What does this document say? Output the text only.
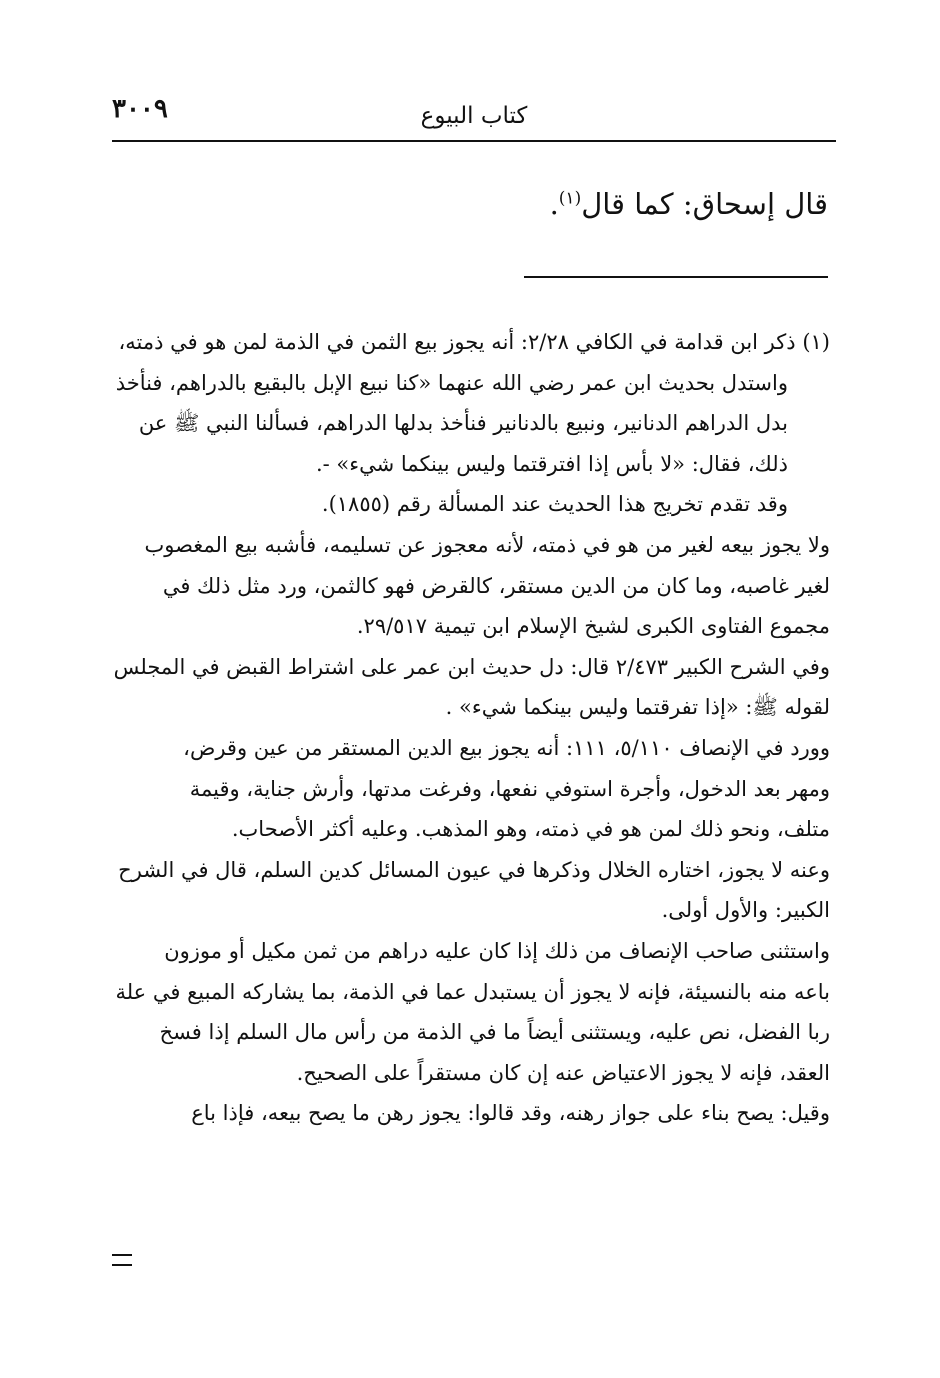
كتاب البيوع
٣٠٠٩
قال إسحاق: كما قال$^{(١)}$.
(١) ذكر ابن قدامة في الكافي ٢/٢٨: أنه يجوز بيع الثمن في الذمة لمن هو في ذمته،
واستدل بحديث ابن عمر رضي الله عنهما «كنا نبيع الإبل بالبقيع بالدراهم، فنأخذ
بدل الدراهم الدنانير، ونبيع بالدنانير فنأخذ بدلها الدراهم، فسألنا النبي ﷺ عن
ذلك، فقال: «لا بأس إذا افترقتما وليس بينكما شيء» -.
وقد تقدم تخريج هذا الحديث عند المسألة رقم (١٨٥٥).
ولا يجوز بيعه لغير من هو في ذمته، لأنه معجوز عن تسليمه، فأشبه بيع المغصوب
لغير غاصبه، وما كان من الدين مستقر، كالقرض فهو كالثمن، ورد مثل ذلك في
مجموع الفتاوى الكبرى لشيخ الإسلام ابن تيمية ٢٩/٥١٧.
وفي الشرح الكبير ٢/٤٧٣ قال: دل حديث ابن عمر على اشتراط القبض في المجلس
لقوله ﷺ: «إذا تفرقتما وليس بينكما شيء» .
وورد في الإنصاف ٥/١١٠، ١١١: أنه يجوز بيع الدين المستقر من عين وقرض،
ومهر بعد الدخول، وأجرة استوفي نفعها، وفرغت مدتها، وأرش جناية، وقيمة
متلف، ونحو ذلك لمن هو في ذمته، وهو المذهب. وعليه أكثر الأصحاب.
وعنه لا يجوز، اختاره الخلال وذكرها في عيون المسائل كدين السلم، قال في الشرح
الكبير: والأول أولى.
واستثنى صاحب الإنصاف من ذلك إذا كان عليه دراهم من ثمن مكيل أو موزون
باعه منه بالنسيئة، فإنه لا يجوز أن يستبدل عما في الذمة، بما يشاركه المبيع في علة
ربا الفضل، نص عليه، ويستثنى أيضاً ما في الذمة من رأس مال السلم إذا فسخ
العقد، فإنه لا يجوز الاعتياض عنه إن كان مستقراً على الصحيح.
وقيل: يصح بناء على جواز رهنه، وقد قالوا: يجوز رهن ما يصح بيعه، فإذا باع
